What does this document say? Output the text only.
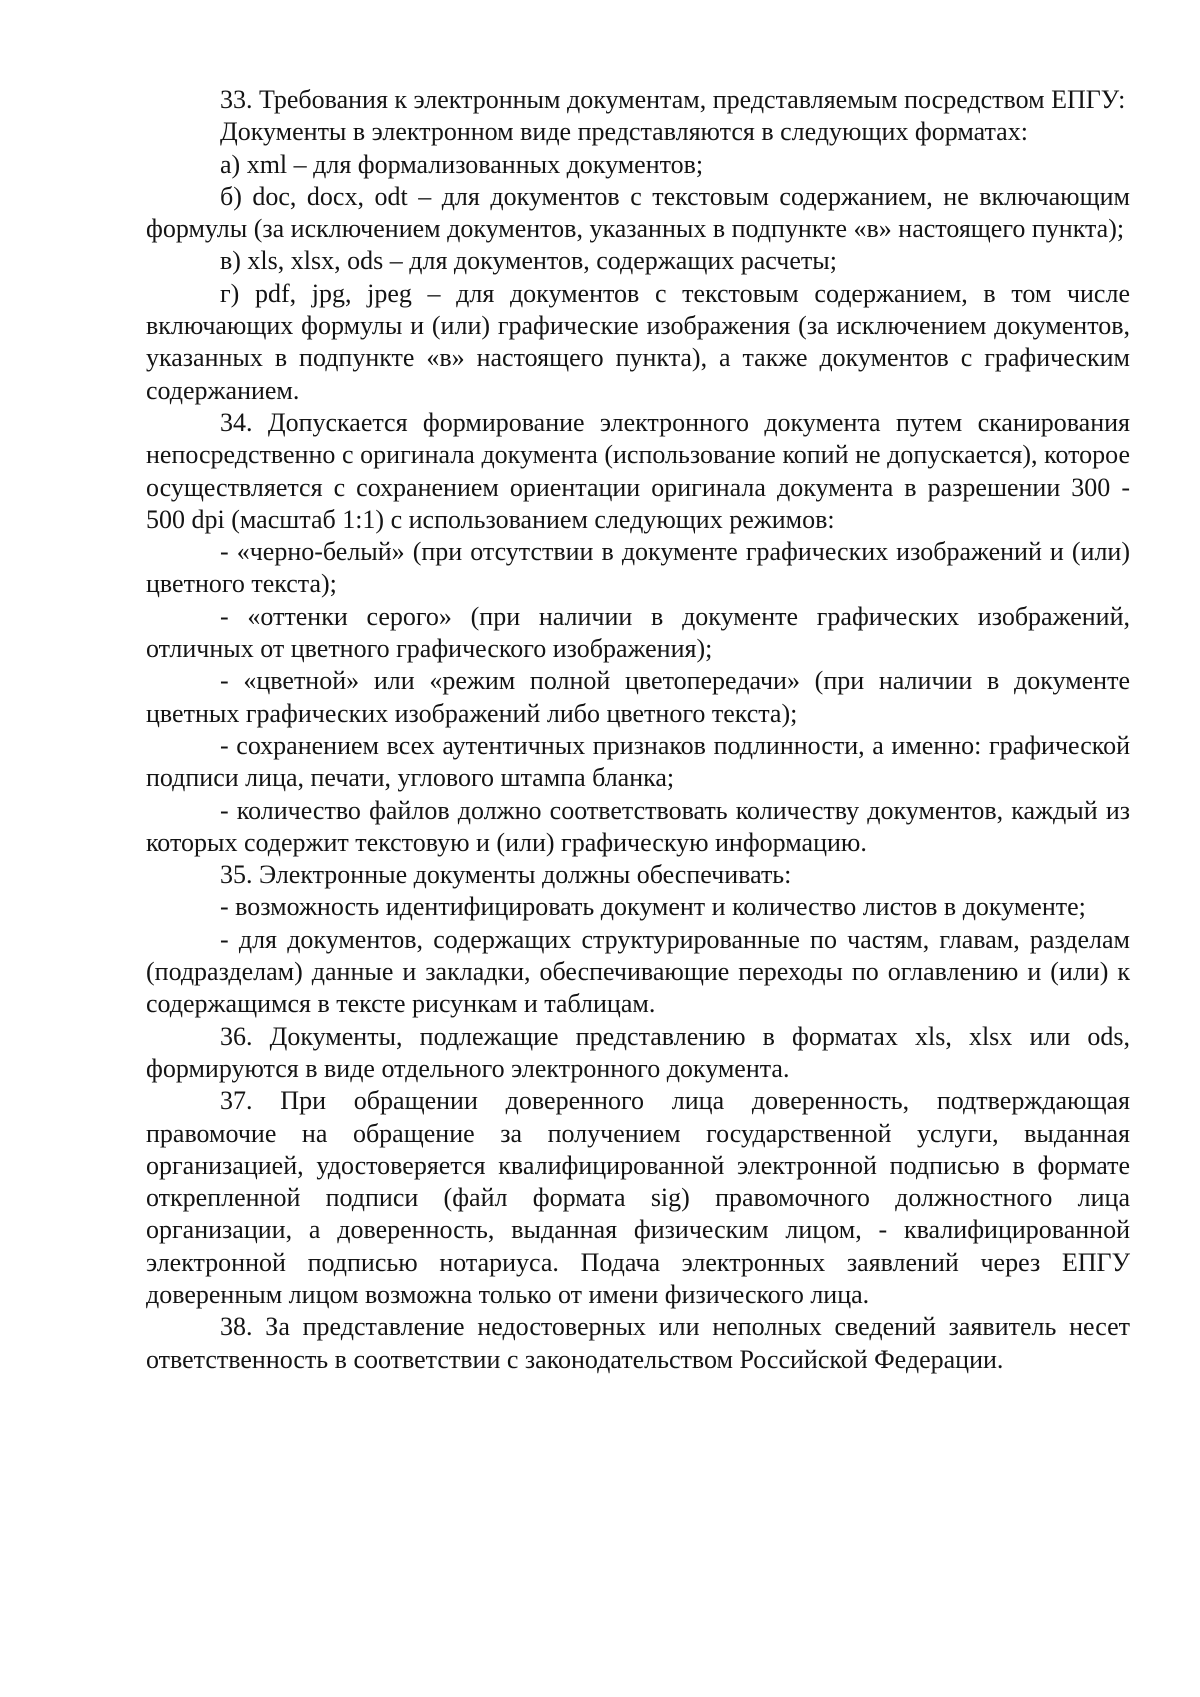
33. Требования к электронным документам, представляемым посредством ЕПГУ:

Документы в электронном виде представляются в следующих форматах:

а) xml – для формализованных документов;

б) doc, docx, odt – для документов с текстовым содержанием, не включающим формулы (за исключением документов, указанных в подпункте «в» настоящего пункта);

в) xls, xlsx, ods – для документов, содержащих расчеты;

г) pdf, jpg, jpeg – для документов с текстовым содержанием, в том числе включающих формулы и (или) графические изображения (за исключением документов, указанных в подпункте «в» настоящего пункта), а также документов с графическим содержанием.

34. Допускается формирование электронного документа путем сканирования непосредственно с оригинала документа (использование копий не допускается), которое осуществляется с сохранением ориентации оригинала документа в разрешении 300 - 500 dpi (масштаб 1:1) с использованием следующих режимов:

- «черно-белый» (при отсутствии в документе графических изображений и (или) цветного текста);

- «оттенки серого» (при наличии в документе графических изображений, отличных от цветного графического изображения);

- «цветной» или «режим полной цветопередачи» (при наличии в документе цветных графических изображений либо цветного текста);

- сохранением всех аутентичных признаков подлинности, а именно: графической подписи лица, печати, углового штампа бланка;

- количество файлов должно соответствовать количеству документов, каждый из которых содержит текстовую и (или) графическую информацию.

35. Электронные документы должны обеспечивать:

- возможность идентифицировать документ и количество листов в документе;

- для документов, содержащих структурированные по частям, главам, разделам (подразделам) данные и закладки, обеспечивающие переходы по оглавлению и (или) к содержащимся в тексте рисункам и таблицам.

36. Документы, подлежащие представлению в форматах xls, xlsx или ods, формируются в виде отдельного электронного документа.

37. При обращении доверенного лица доверенность, подтверждающая правомочие на обращение за получением государственной услуги, выданная организацией, удостоверяется квалифицированной электронной подписью в формате открепленной подписи (файл формата sig) правомочного должностного лица организации, а доверенность, выданная физическим лицом, - квалифицированной электронной подписью нотариуса. Подача электронных заявлений через ЕПГУ доверенным лицом возможна только от имени физического лица.

38. За представление недостоверных или неполных сведений заявитель несет ответственность в соответствии с законодательством Российской Федерации.
